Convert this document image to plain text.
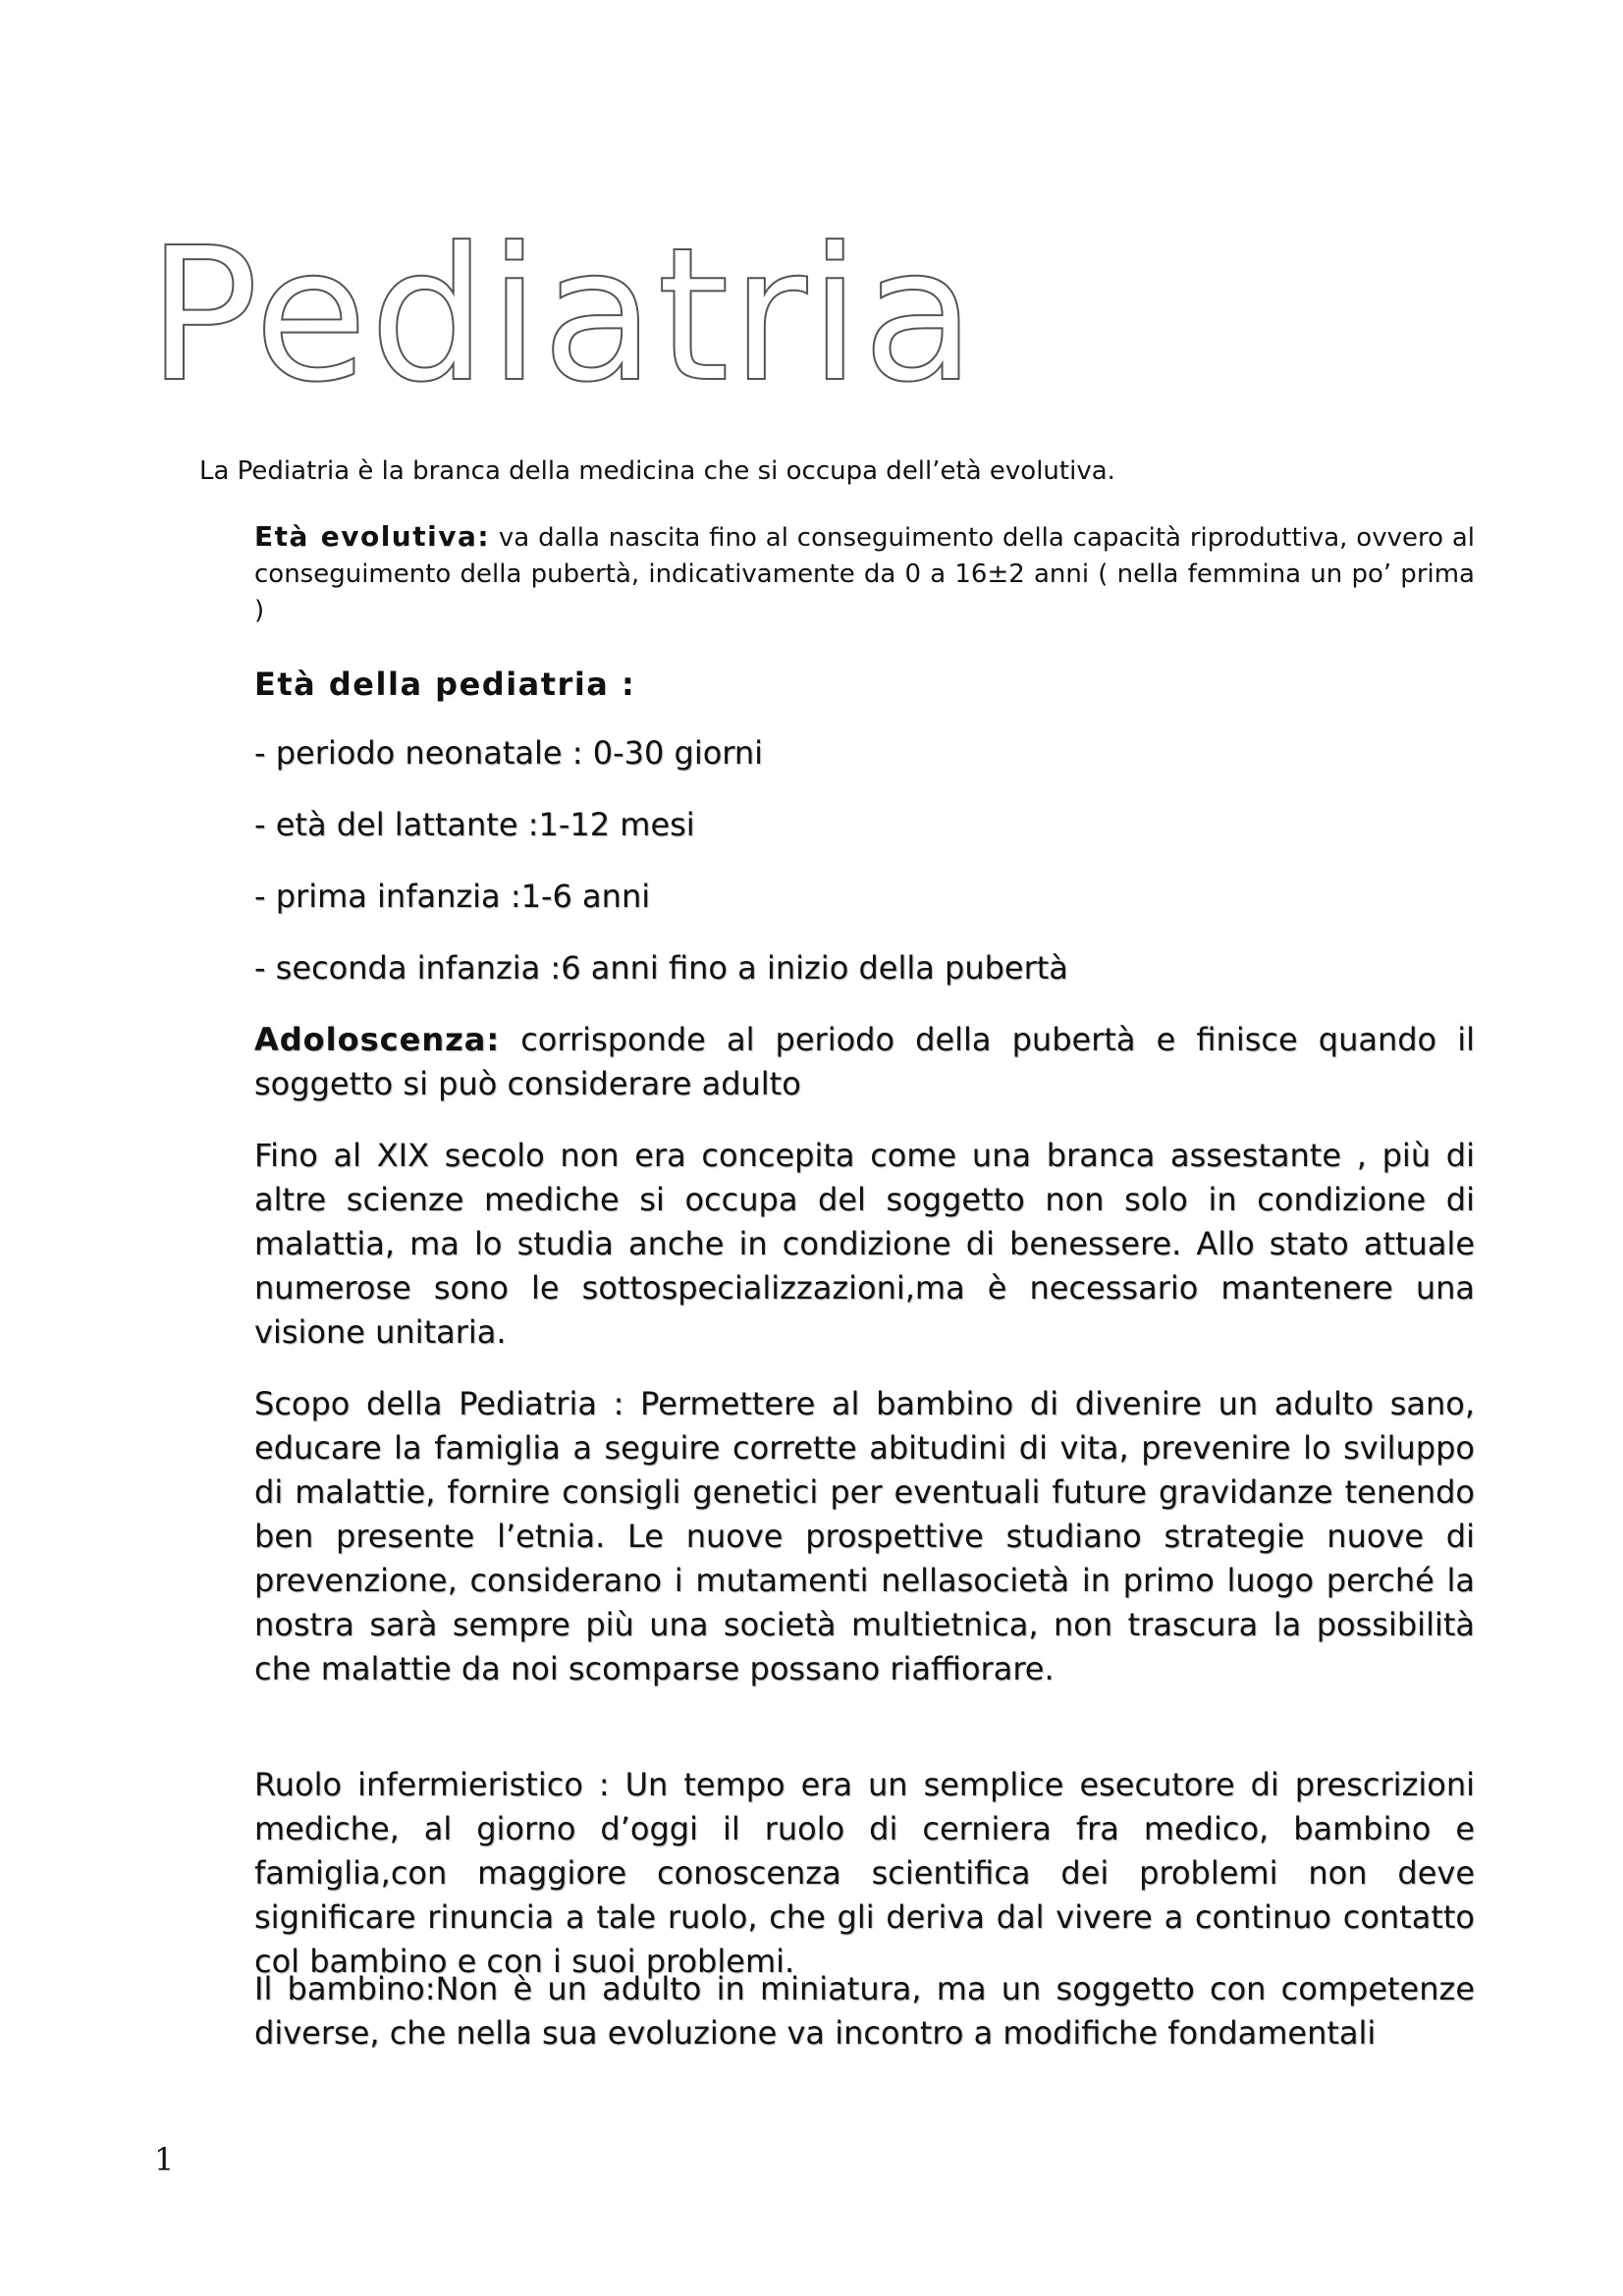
Pediatria

La Pediatria è la branca della medicina che si occupa dell’età evolutiva.

Età evolutiva: va dalla nascita fino al conseguimento della capacità riproduttiva, ovvero al conseguimento della pubertà, indicativamente da 0 a 16±2 anni ( nella femmina un po’ prima )

Età della pediatria :

- periodo neonatale : 0-30 giorni

- età del lattante :1-12 mesi

- prima infanzia :1-6 anni

- seconda infanzia :6 anni fino a inizio della pubertà

Adoloscenza: corrisponde al periodo della pubertà e finisce quando il soggetto si può considerare adulto

Fino al XIX secolo non era concepita come una branca assestante , più di altre scienze mediche si occupa del soggetto non solo in condizione di malattia, ma lo studia anche in condizione di benessere. Allo stato attuale numerose sono le sottospecializzazioni,ma è necessario mantenere una visione unitaria.

Scopo della Pediatria : Permettere al bambino di divenire un adulto sano, educare la famiglia a seguire corrette abitudini di vita, prevenire lo sviluppo di malattie, fornire consigli genetici per eventuali future gravidanze tenendo ben presente l’etnia. Le nuove prospettive studiano strategie nuove di prevenzione, considerano i mutamenti nellasocietà in primo luogo perché la nostra sarà sempre più una società multietnica, non trascura la possibilità che malattie da noi scomparse possano riaffiorare.

Ruolo infermieristico : Un tempo era un semplice esecutore di prescrizioni mediche, al giorno d’oggi il ruolo di cerniera fra medico, bambino e famiglia,con maggiore conoscenza scientifica dei problemi non deve significare rinuncia a tale ruolo, che gli deriva dal vivere a continuo contatto col bambino e con i suoi problemi.

Il bambino:Non è un adulto in miniatura, ma un soggetto con competenze diverse, che nella sua evoluzione va incontro a modifiche fondamentali

1
